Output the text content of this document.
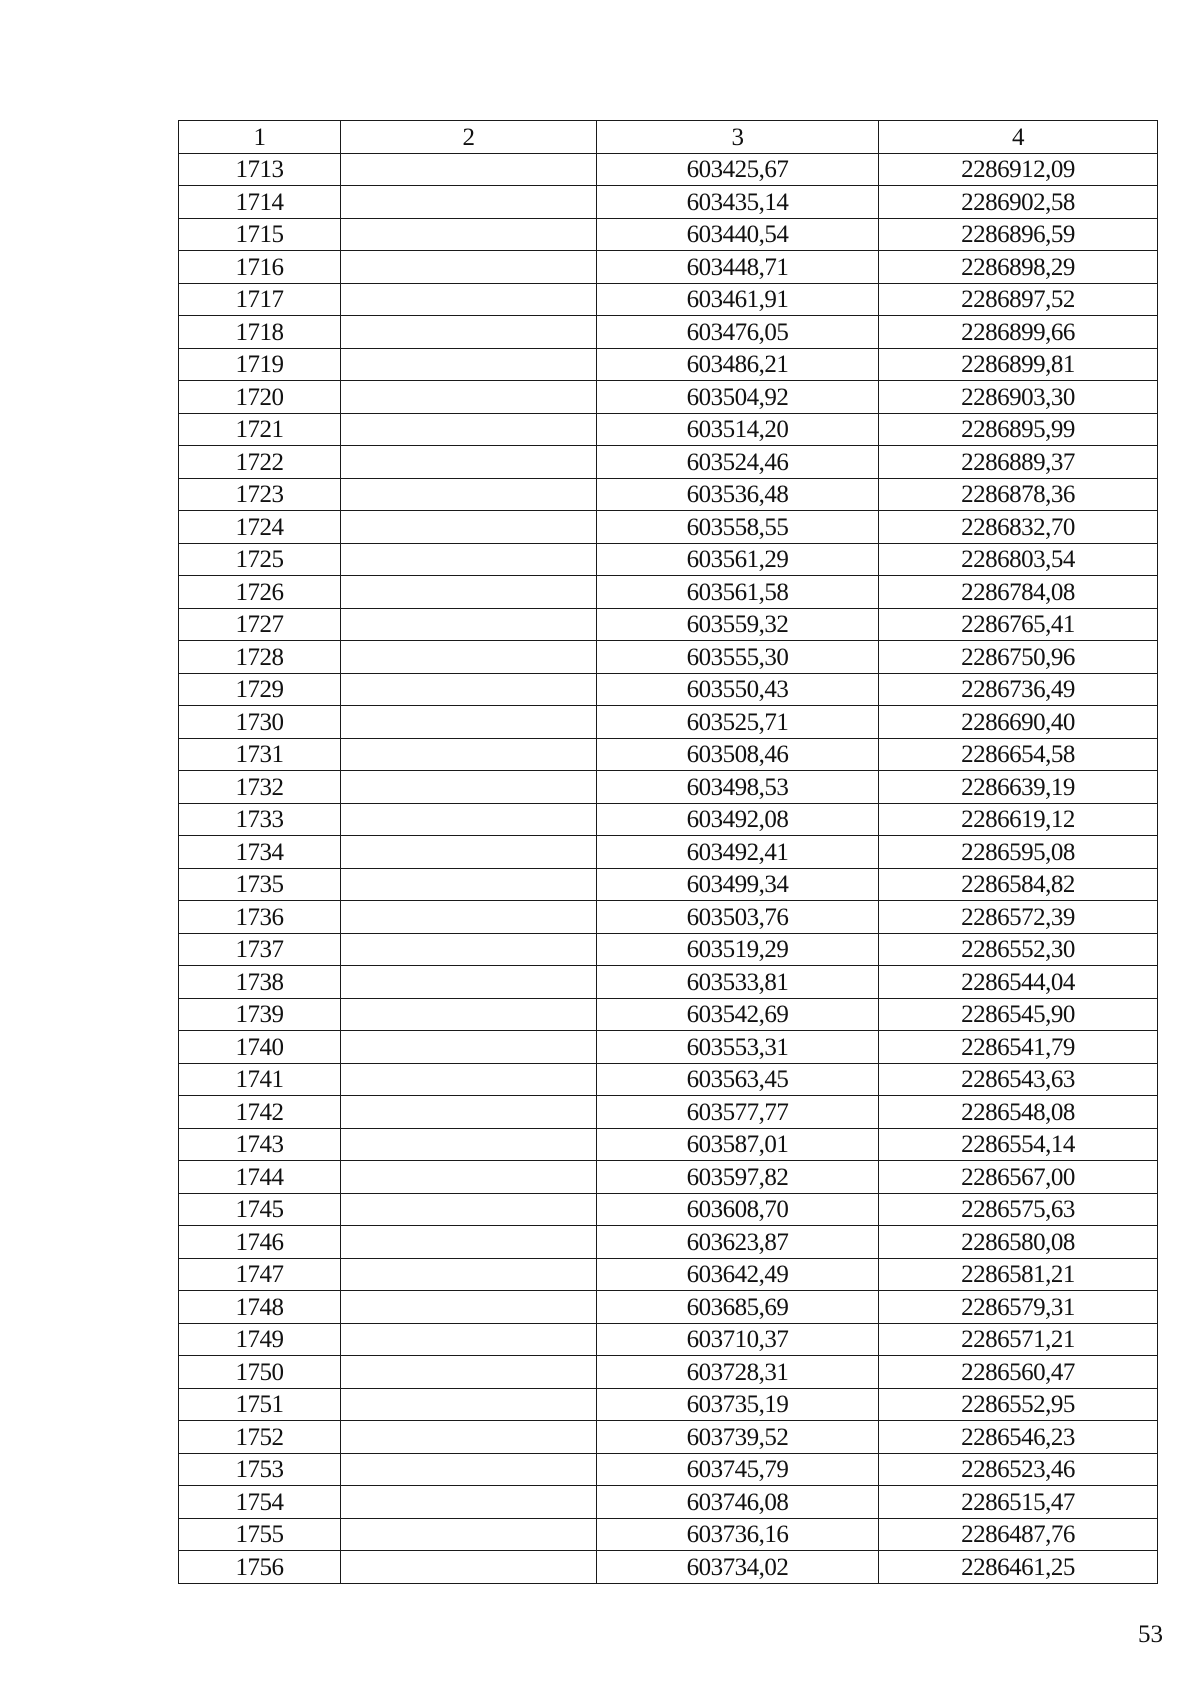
1	2	3	4
1713		603425,67	2286912,09
1714		603435,14	2286902,58
1715		603440,54	2286896,59
1716		603448,71	2286898,29
1717		603461,91	2286897,52
1718		603476,05	2286899,66
1719		603486,21	2286899,81
1720		603504,92	2286903,30
1721		603514,20	2286895,99
1722		603524,46	2286889,37
1723		603536,48	2286878,36
1724		603558,55	2286832,70
1725		603561,29	2286803,54
1726		603561,58	2286784,08
1727		603559,32	2286765,41
1728		603555,30	2286750,96
1729		603550,43	2286736,49
1730		603525,71	2286690,40
1731		603508,46	2286654,58
1732		603498,53	2286639,19
1733		603492,08	2286619,12
1734		603492,41	2286595,08
1735		603499,34	2286584,82
1736		603503,76	2286572,39
1737		603519,29	2286552,30
1738		603533,81	2286544,04
1739		603542,69	2286545,90
1740		603553,31	2286541,79
1741		603563,45	2286543,63
1742		603577,77	2286548,08
1743		603587,01	2286554,14
1744		603597,82	2286567,00
1745		603608,70	2286575,63
1746		603623,87	2286580,08
1747		603642,49	2286581,21
1748		603685,69	2286579,31
1749		603710,37	2286571,21
1750		603728,31	2286560,47
1751		603735,19	2286552,95
1752		603739,52	2286546,23
1753		603745,79	2286523,46
1754		603746,08	2286515,47
1755		603736,16	2286487,76
1756		603734,02	2286461,25
53
